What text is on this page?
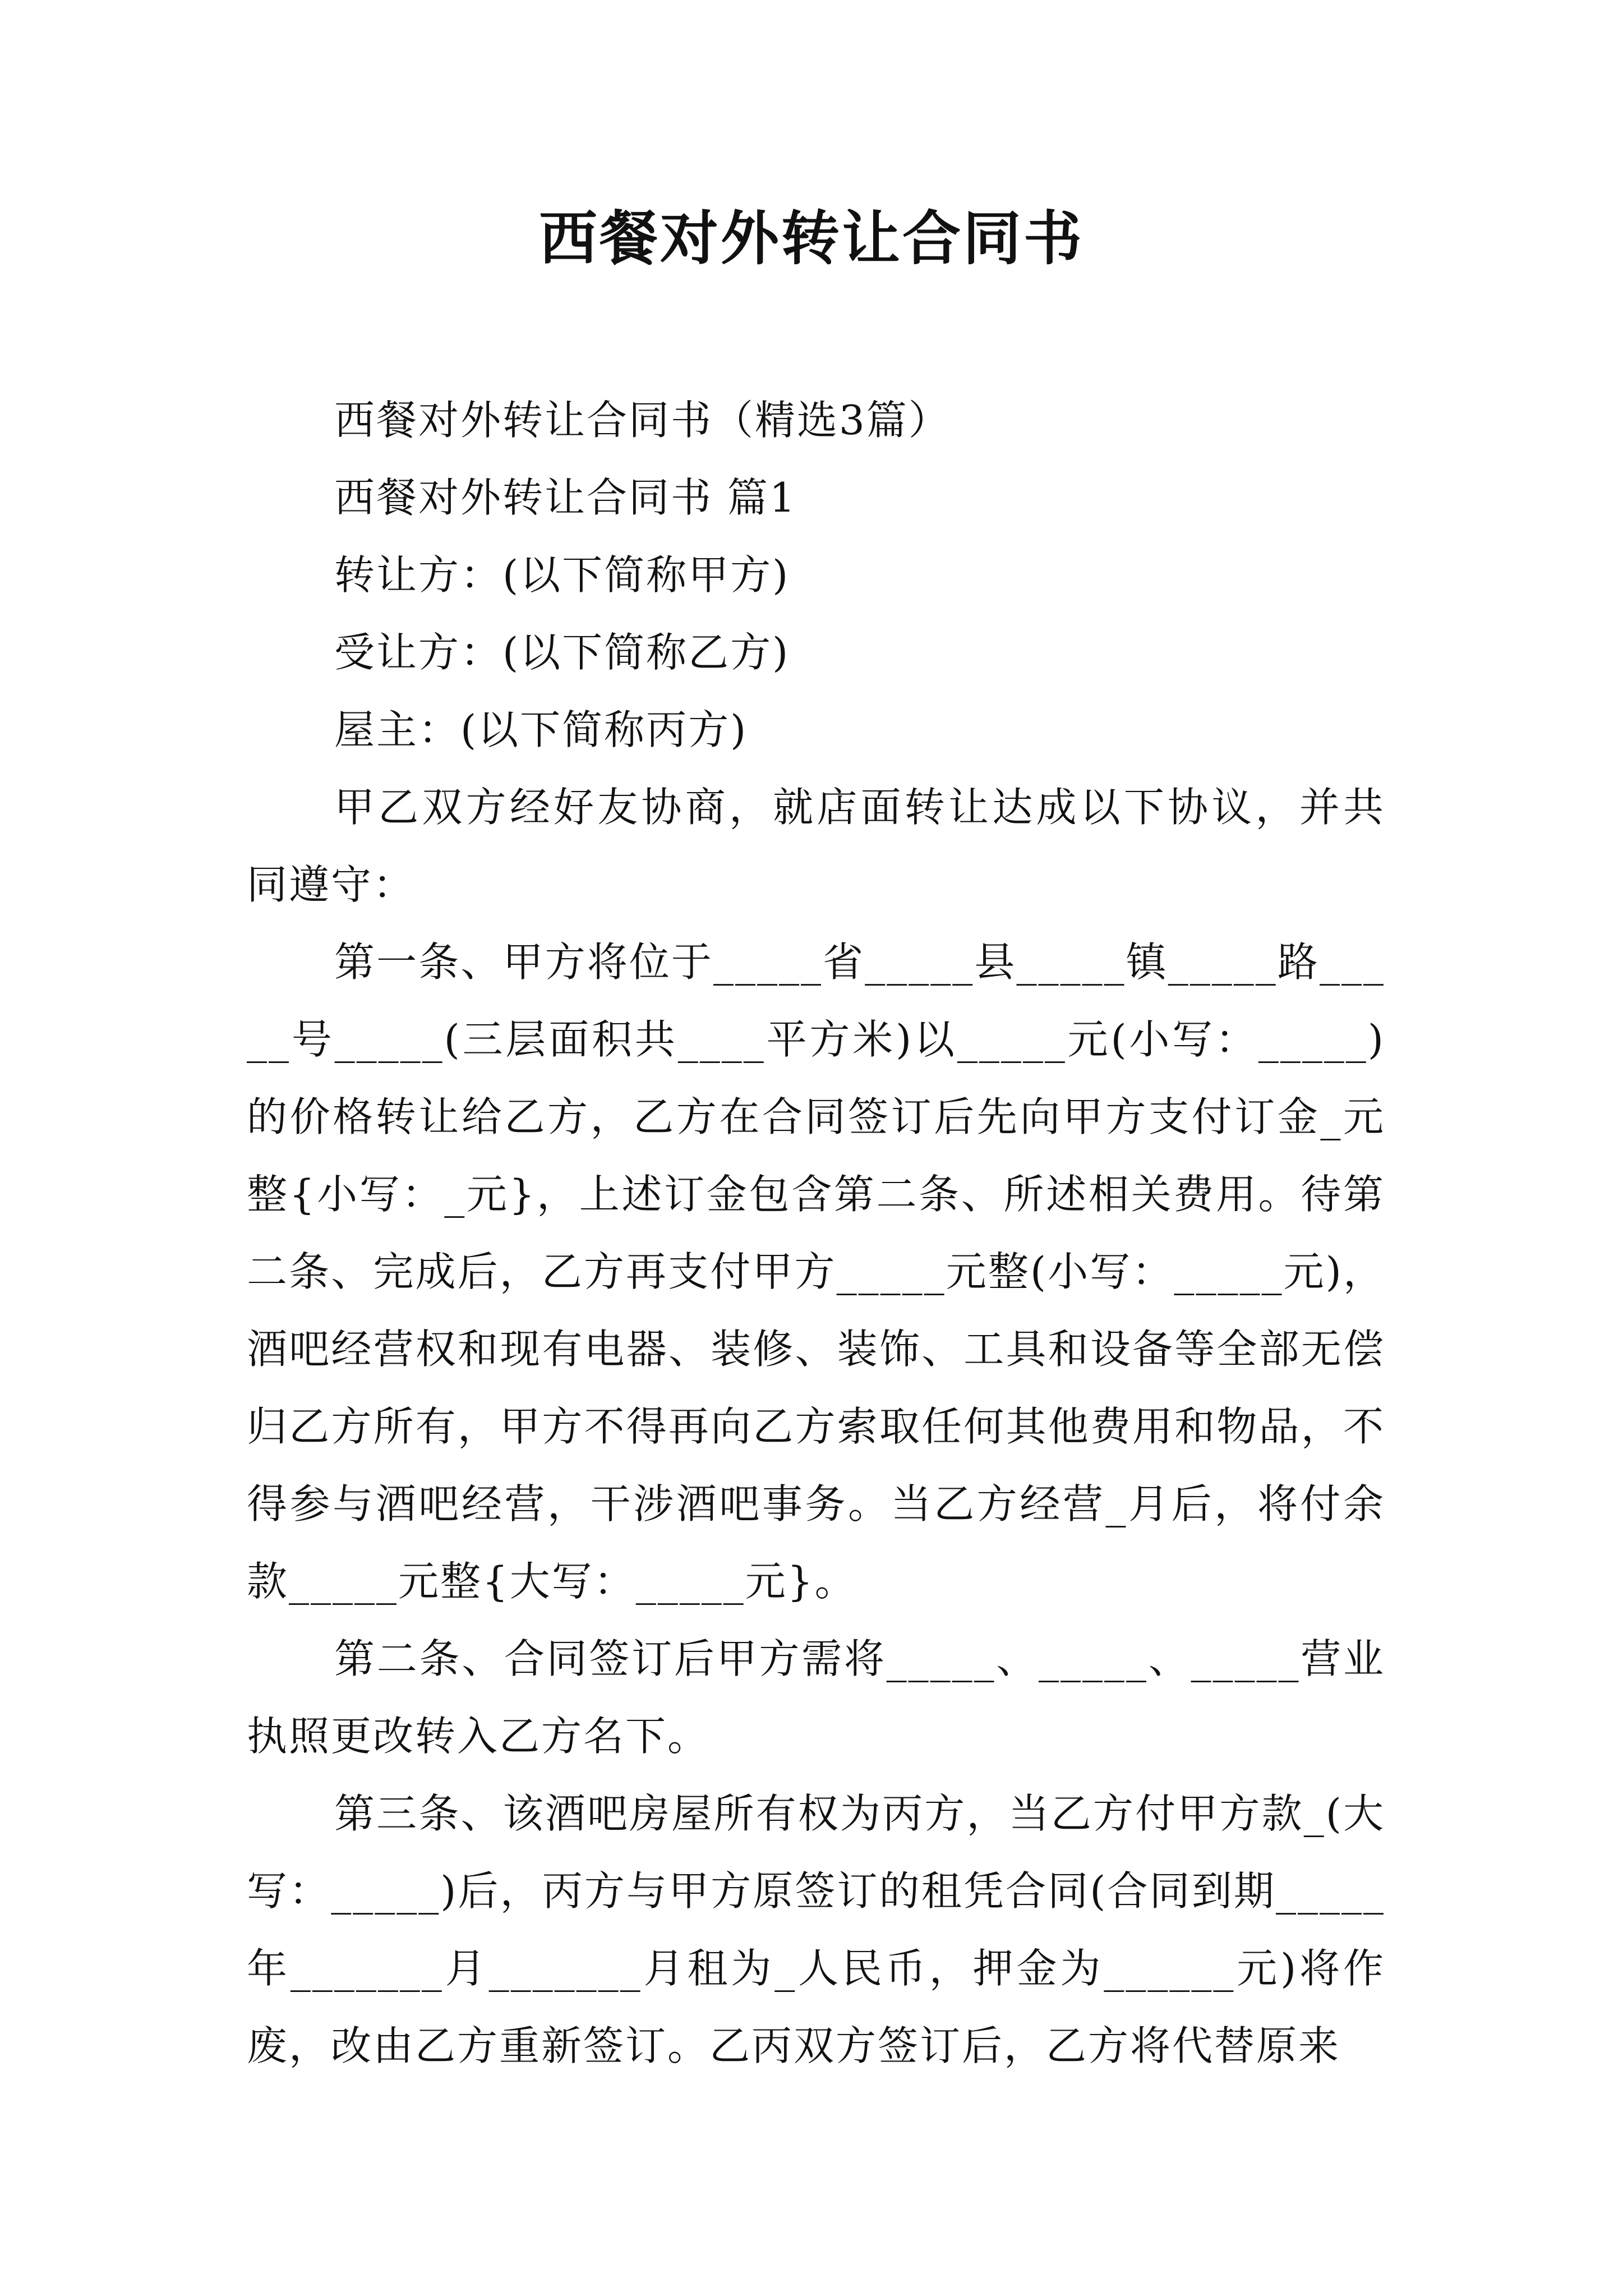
西餐对外转让合同书

西餐对外转让合同书（精选3篇）

西餐对外转让合同书 篇1

转让方：(以下简称甲方)

受让方：(以下简称乙方)

屋主：(以下简称丙方)

甲乙双方经好友协商，就店面转让达成以下协议，并共同遵守：

第一条、甲方将位于_____省_____县_____镇_____路_____号_____(三层面积共____平方米)以_____元(小写：_____)的价格转让给乙方，乙方在合同签订后先向甲方支付订金_元整{小写：_元}，上述订金包含第二条、所述相关费用。待第二条、完成后，乙方再支付甲方_____元整(小写：_____元)，酒吧经营权和现有电器、装修、装饰、工具和设备等全部无偿归乙方所有，甲方不得再向乙方索取任何其他费用和物品，不得参与酒吧经营，干涉酒吧事务。当乙方经营_月后，将付余款_____元整{大写：_____元}。

第二条、合同签订后甲方需将_____、_____、_____营业执照更改转入乙方名下。

第三条、该酒吧房屋所有权为丙方，当乙方付甲方款_(大写：_____)后，丙方与甲方原签订的租凭合同(合同到期_____年_______月_______月租为_人民币，押金为______元)将作废，改由乙方重新签订。乙丙双方签订后，乙方将代替原来
